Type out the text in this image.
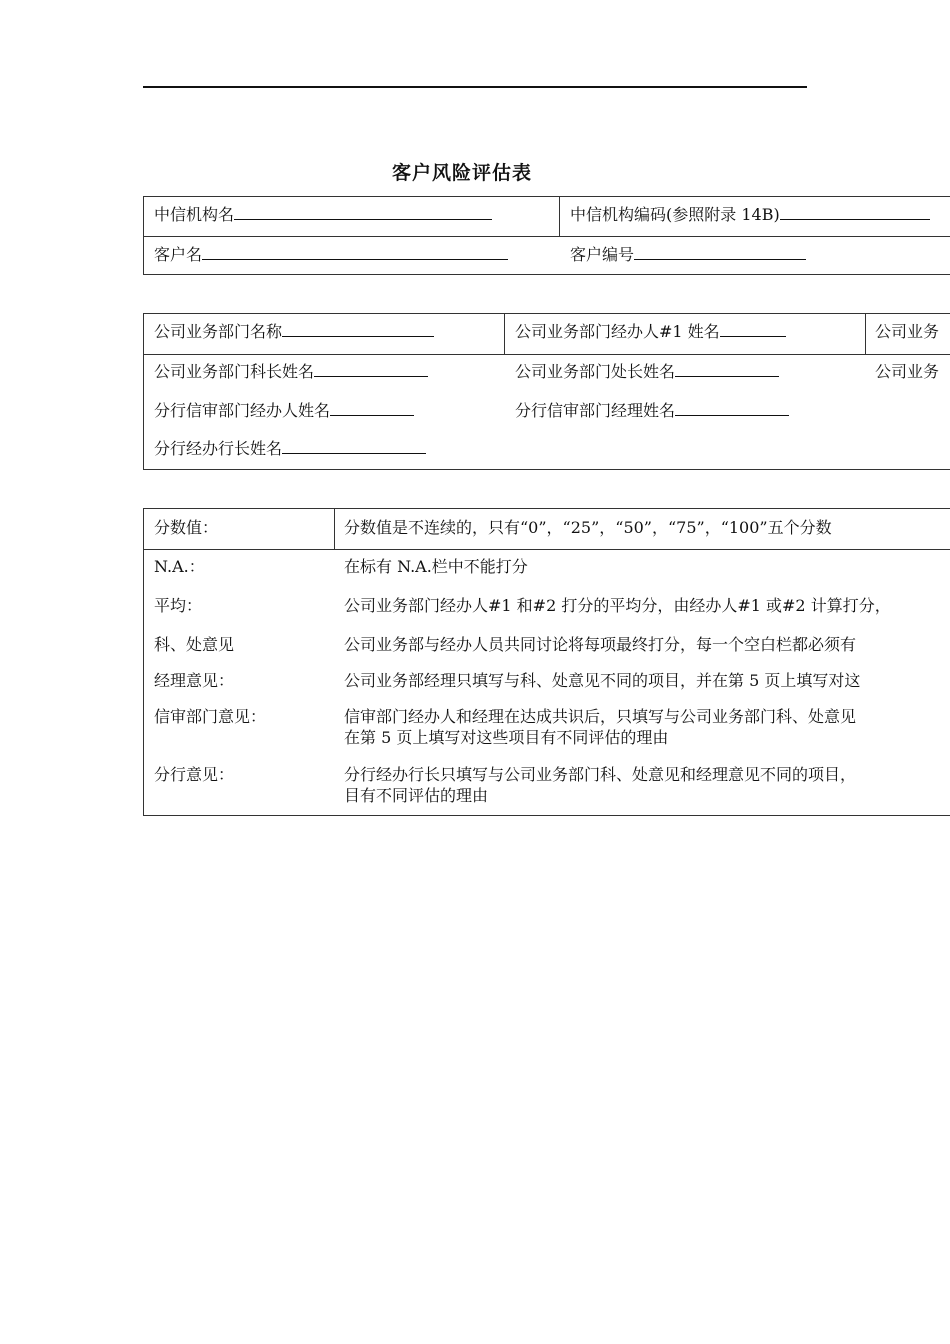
客户风险评估表
中信机构名	中信机构编码(参照附录 14B)
客户名	客户编号
公司业务部门名称	公司业务部门经办人#1 姓名	公司业务
公司业务部门科长姓名	公司业务部门处长姓名	公司业务
分行信审部门经办人姓名	分行信审部门经理姓名
分行经办行长姓名
分数值：	分数值是不连续的，只有“0”，“25”，“50”，“75”，“100”五个分数
N.A.：	在标有 N.A.栏中不能打分
平均：	公司业务部门经办人#1 和#2 打分的平均分，由经办人#1 或#2 计算打分，
科、处意见	公司业务部与经办人员共同讨论将每项最终打分，每一个空白栏都必须有
经理意见：	公司业务部经理只填写与科、处意见不同的项目，并在第 5 页上填写对这
信审部门意见：	信审部门经办人和经理在达成共识后，只填写与公司业务部门科、处意见
在第 5 页上填写对这些项目有不同评估的理由
分行意见：	分行经办行长只填写与公司业务部门科、处意见和经理意见不同的项目，
目有不同评估的理由
